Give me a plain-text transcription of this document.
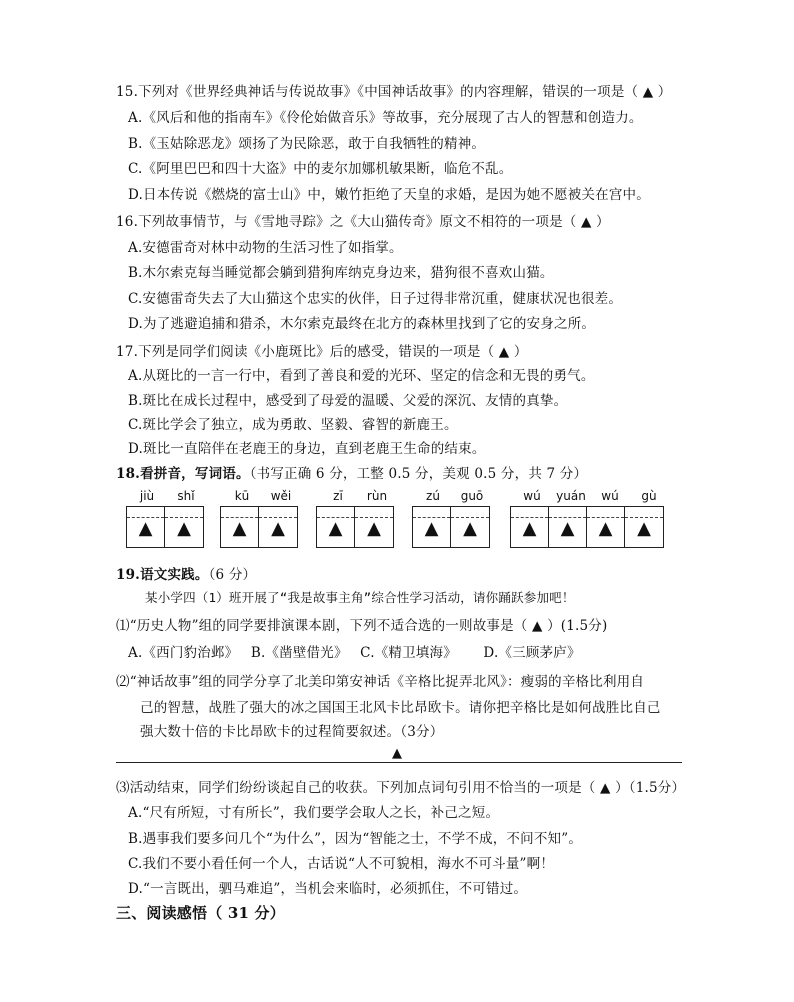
15.下列对《世界经典神话与传说故事》《中国神话故事》的内容理解，错误的一项是（ ▲ ）
A.《风后和他的指南车》《伶伦始做音乐》等故事，充分展现了古人的智慧和创造力。
B.《玉姑除恶龙》颂扬了为民除恶，敢于自我牺牲的精神。
C.《阿里巴巴和四十大盗》中的麦尔加娜机敏果断，临危不乱。
D.日本传说《燃烧的富士山》中，嫩竹拒绝了天皇的求婚，是因为她不愿被关在宫中。
16.下列故事情节，与《雪地寻踪》之《大山猫传奇》原文不相符的一项是（ ▲ ）
A.安德雷奇对林中动物的生活习性了如指掌。
B.木尔索克每当睡觉都会躺到猎狗库纳克身边来，猎狗很不喜欢山猫。
C.安德雷奇失去了大山猫这个忠实的伙伴，日子过得非常沉重，健康状况也很差。
D.为了逃避追捕和猎杀，木尔索克最终在北方的森林里找到了它的安身之所。
17.下列是同学们阅读《小鹿斑比》后的感受，错误的一项是（ ▲ ）
A.从斑比的一言一行中，看到了善良和爱的光环、坚定的信念和无畏的勇气。
B.斑比在成长过程中，感受到了母爱的温暖、父爱的深沉、友情的真挚。
C.斑比学会了独立，成为勇敢、坚毅、睿智的新鹿王。
D.斑比一直陪伴在老鹿王的身边，直到老鹿王生命的结束。
18.看拼音，写词语。（书写正确 6 分，工整 0.5 分，美观 0.5 分，共 7 分）
jiù	shǐ	kū	wěi	zī	rùn	zú	guō	wú	yuán	wú	gù
▲	▲	▲	▲	▲	▲	▲	▲	▲	▲	▲	▲
19.语文实践。（6 分）
某小学四（1）班开展了“我是故事主角”综合性学习活动，请你踊跃参加吧！
⑴“历史人物”组的同学要排演课本剧，下列不适合选的一则故事是（ ▲ ）(1.5分)
A.《西门豹治邺》 B.《凿壁借光》 C.《精卫填海》 D.《三顾茅庐》
⑵“神话故事”组的同学分享了北美印第安神话《辛格比捉弄北风》：瘦弱的辛格比利用自
己的智慧，战胜了强大的冰之国国王北风卡比昂欧卡。请你把辛格比是如何战胜比自己
强大数十倍的卡比昂欧卡的过程简要叙述。（3分）
▲
⑶活动结束，同学们纷纷谈起自己的收获。下列加点词句引用不恰当的一项是（ ▲ ）（1.5分）
A.“尺有所短，寸有所长”，我们要学会取人之长，补己之短。
B.遇事我们要多问几个“为什么”，因为“智能之士，不学不成，不问不知”。
C.我们不要小看任何一个人，古话说“人不可貌相，海水不可斗量”啊！
D.“一言既出，驷马难追”，当机会来临时，必须抓住，不可错过。
三、阅读感悟（ 31 分）
